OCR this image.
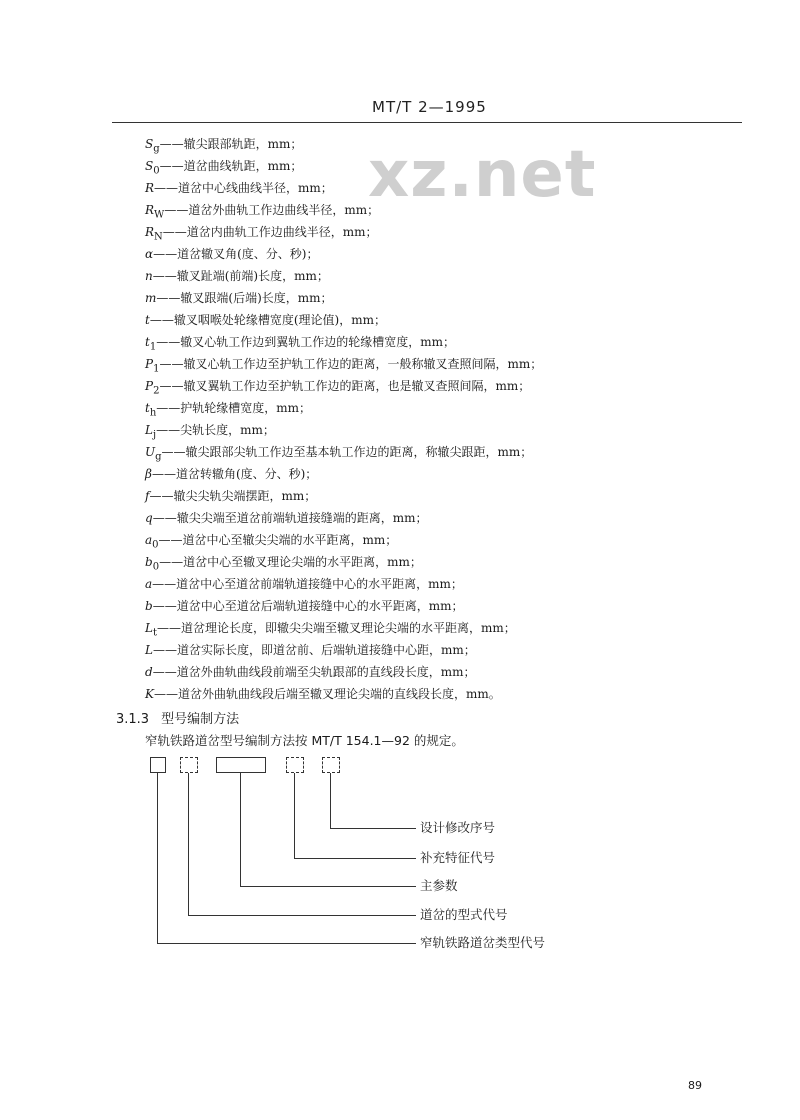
MT/T 2—1995
xz.net
$S_g——$辙尖跟部轨距，mm；
$S_0——$道岔曲线轨距，mm；
R——道岔中心线曲线半径，mm；
$R_W——$道岔外曲轨工作边曲线半径，mm；
$R_N——$道岔内曲轨工作边曲线半径，mm；
α——道岔辙叉角(度、分、秒)；
n——辙叉趾端(前端)长度，mm；
m——辙叉跟端(后端)长度，mm；
t——辙叉咽喉处轮缘槽宽度(理论值)，mm；
$t_1——$辙叉心轨工作边到翼轨工作边的轮缘槽宽度，mm；
$P_1——$辙叉心轨工作边至护轨工作边的距离，一般称辙叉查照间隔，mm；
$P_2——$辙叉翼轨工作边至护轨工作边的距离，也是辙叉查照间隔，mm；
$t_h——$护轨轮缘槽宽度，mm；
$L_j——$尖轨长度，mm；
$U_g——$辙尖跟部尖轨工作边至基本轨工作边的距离，称辙尖跟距，mm；
β——道岔转辙角(度、分、秒)；
f——辙尖尖轨尖端摆距，mm；
q——辙尖尖端至道岔前端轨道接缝端的距离，mm；
$a_0——$道岔中心至辙尖尖端的水平距离，mm；
$b_0——$道岔中心至辙叉理论尖端的水平距离，mm；
a——道岔中心至道岔前端轨道接缝中心的水平距离，mm；
b——道岔中心至道岔后端轨道接缝中心的水平距离，mm；
$L_t——$道岔理论长度，即辙尖尖端至辙叉理论尖端的水平距离，mm；
L——道岔实际长度，即道岔前、后端轨道接缝中心距，mm；
d——道岔外曲轨曲线段前端至尖轨跟部的直线段长度，mm；
K——道岔外曲轨曲线段后端至辙叉理论尖端的直线段长度，mm。
3.1.3 型号编制方法
窄轨铁路道岔型号编制方法按 MT/T 154.1—92 的规定。
设计修改序号
补充特征代号
主参数
道岔的型式代号
窄轨铁路道岔类型代号
89
